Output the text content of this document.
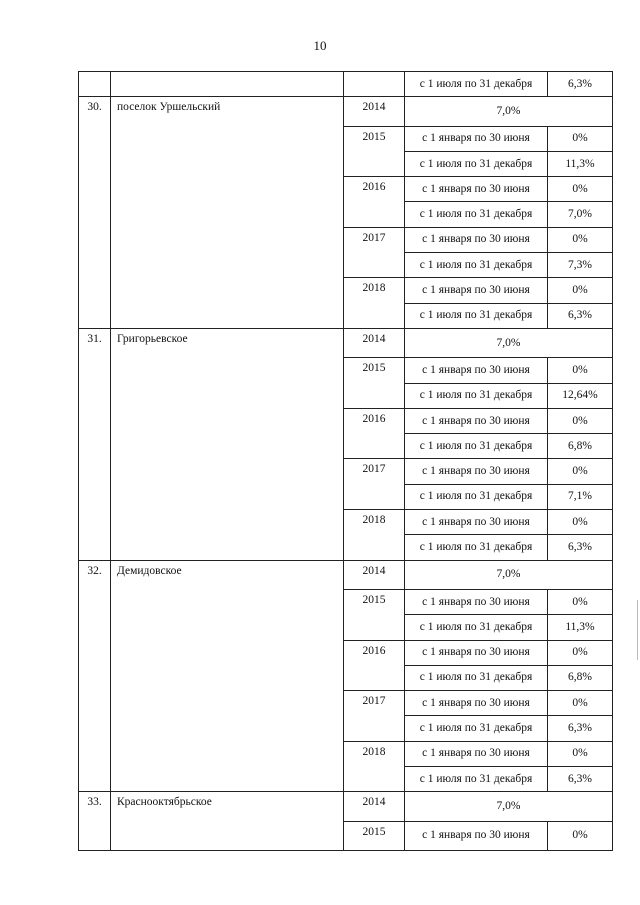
10
			с 1 июля по 31 декабря	6,3%
30.	поселок Уршельский	2014	7,0%	
		2015	с 1 января по 30 июня	0%
			с 1 июля по 31 декабря	11,3%
		2016	с 1 января по 30 июня	0%
			с 1 июля по 31 декабря	7,0%
		2017	с 1 января по 30 июня	0%
			с 1 июля по 31 декабря	7,3%
		2018	с 1 января по 30 июня	0%
			с 1 июля по 31 декабря	6,3%
31.	Григорьевское	2014	7,0%	
		2015	с 1 января по 30 июня	0%
			с 1 июля по 31 декабря	12,64%
		2016	с 1 января по 30 июня	0%
			с 1 июля по 31 декабря	6,8%
		2017	с 1 января по 30 июня	0%
			с 1 июля по 31 декабря	7,1%
		2018	с 1 января по 30 июня	0%
			с 1 июля по 31 декабря	6,3%
32.	Демидовское	2014	7,0%	
		2015	с 1 января по 30 июня	0%
			с 1 июля по 31 декабря	11,3%
		2016	с 1 января по 30 июня	0%
			с 1 июля по 31 декабря	6,8%
		2017	с 1 января по 30 июня	0%
			с 1 июля по 31 декабря	6,3%
		2018	с 1 января по 30 июня	0%
			с 1 июля по 31 декабря	6,3%
33.	Краснооктябрьское	2014	7,0%	
		2015	с 1 января по 30 июня	0%
